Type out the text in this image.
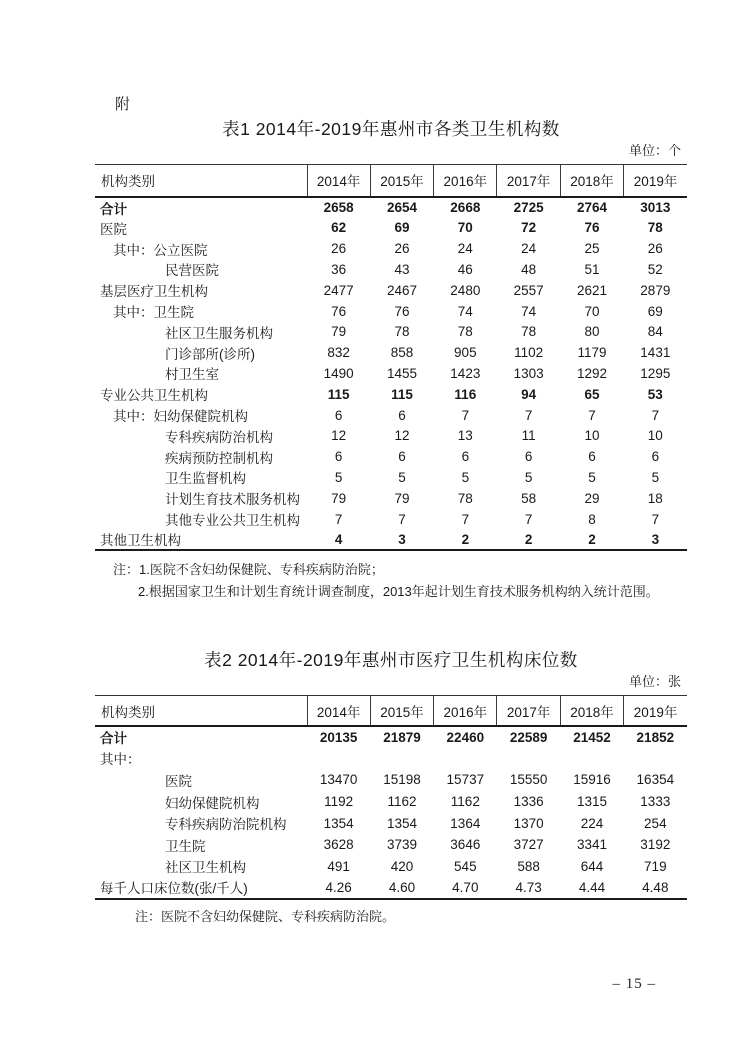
附
表1 2014年-2019年惠州市各类卫生机构数
单位：个
机构类别	2014年	2015年	2016年	2017年	2018年	2019年
合计	2658	2654	2668	2725	2764	3013
医院	62	69	70	72	76	78
其中：公立医院	26	26	24	24	25	26
民营医院	36	43	46	48	51	52
基层医疗卫生机构	2477	2467	2480	2557	2621	2879
其中：卫生院	76	76	74	74	70	69
社区卫生服务机构	79	78	78	78	80	84
门诊部所(诊所)	832	858	905	1102	1179	1431
村卫生室	1490	1455	1423	1303	1292	1295
专业公共卫生机构	115	115	116	94	65	53
其中：妇幼保健院机构	6	6	7	7	7	7
专科疾病防治机构	12	12	13	11	10	10
疾病预防控制机构	6	6	6	6	6	6
卫生监督机构	5	5	5	5	5	5
计划生育技术服务机构	79	79	78	58	29	18
其他专业公共卫生机构	7	7	7	7	8	7
其他卫生机构	4	3	2	2	2	3
注：1.医院不含妇幼保健院、专科疾病防治院；
2.根据国家卫生和计划生育统计调查制度，2013年起计划生育技术服务机构纳入统计范围。
表2 2014年-2019年惠州市医疗卫生机构床位数
单位：张
机构类别	2014年	2015年	2016年	2017年	2018年	2019年
合计	20135	21879	22460	22589	21452	21852
其中：						
医院	13470	15198	15737	15550	15916	16354
妇幼保健院机构	1192	1162	1162	1336	1315	1333
专科疾病防治院机构	1354	1354	1364	1370	224	254
卫生院	3628	3739	3646	3727	3341	3192
社区卫生机构	491	420	545	588	644	719
每千人口床位数(张/千人)	4.26	4.60	4.70	4.73	4.44	4.48
注：医院不含妇幼保健院、专科疾病防治院。
– 15 –
